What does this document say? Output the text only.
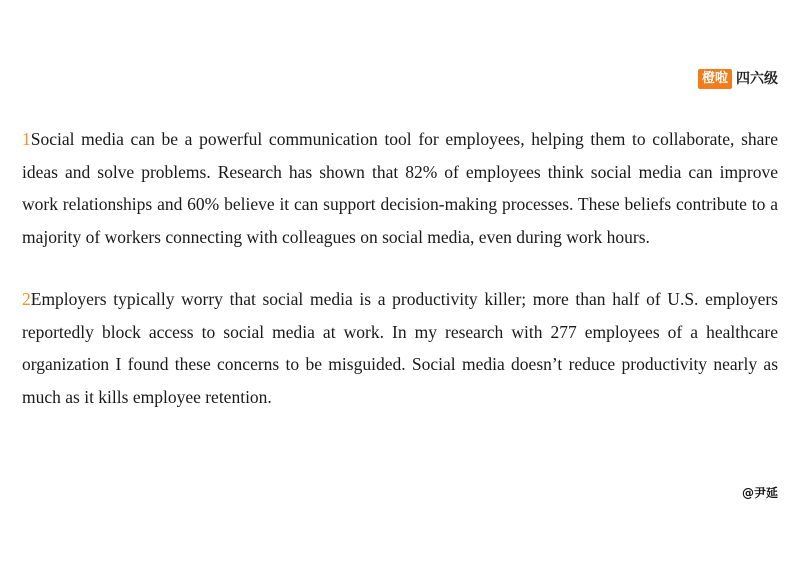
橙啦 四六级

1Social media can be a powerful communication tool for employees, helping them to collaborate, share ideas and solve problems. Research has shown that 82% of employees think social media can improve work relationships and 60% believe it can support decision-making processes. These beliefs contribute to a majority of workers connecting with colleagues on social media, even during work hours.

2Employers typically worry that social media is a productivity killer; more than half of U.S. employers reportedly block access to social media at work. In my research with 277 employees of a healthcare organization I found these concerns to be misguided. Social media doesn’t reduce productivity nearly as much as it kills employee retention.

@尹延
